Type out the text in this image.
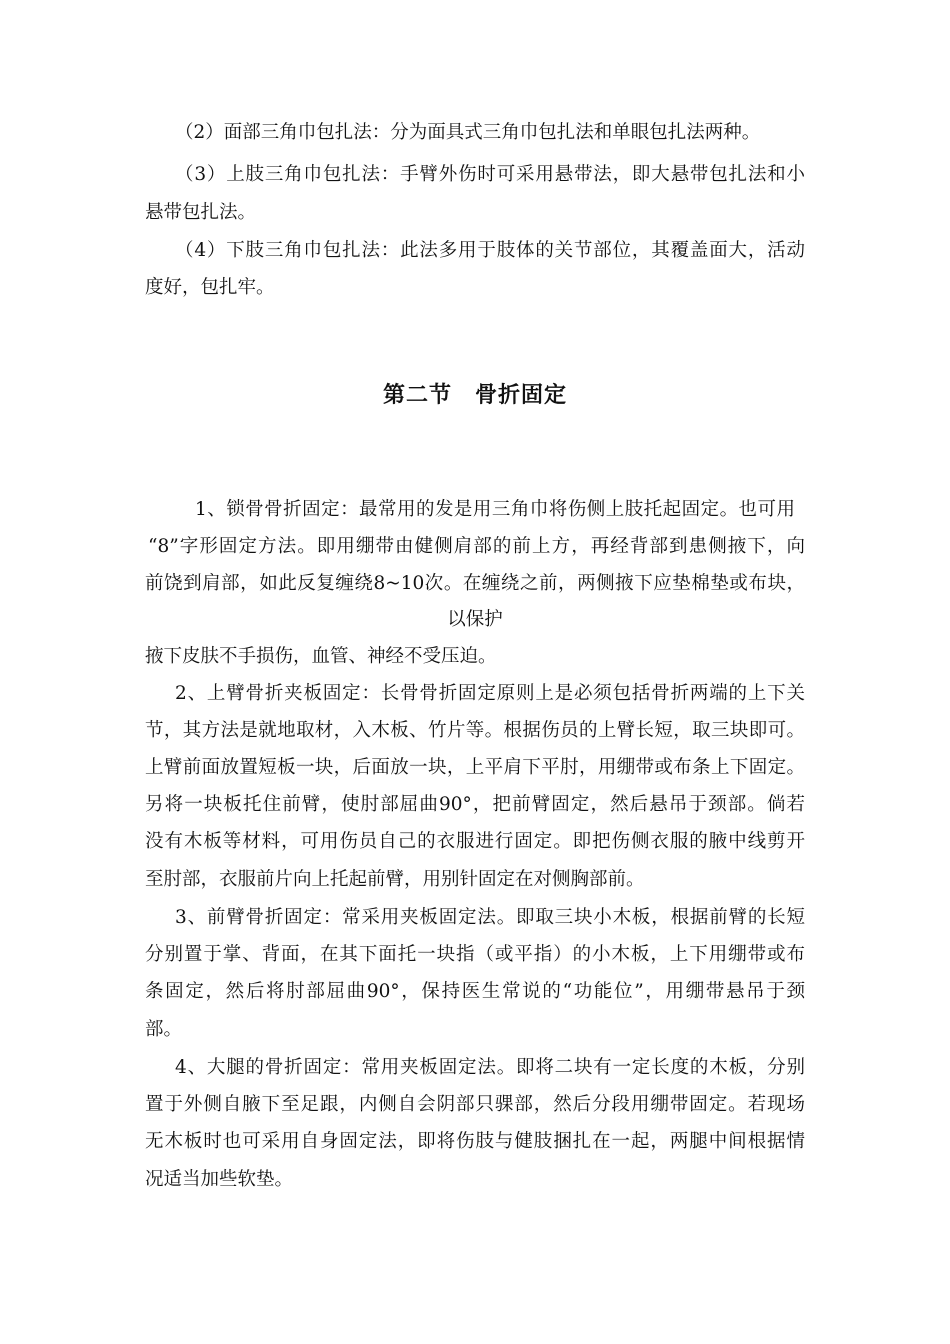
（2）面部三角巾包扎法：分为面具式三角巾包扎法和单眼包扎法两种。
（3）上肢三角巾包扎法：手臂外伤时可采用悬带法，即大悬带包扎法和小
悬带包扎法。
（4）下肢三角巾包扎法：此法多用于肢体的关节部位，其覆盖面大，活动
度好，包扎牢。
第二节　骨折固定
1、锁骨骨折固定：最常用的发是用三角巾将伤侧上肢托起固定。也可用
“8”字形固定方法。即用绷带由健侧肩部的前上方，再经背部到患侧掖下，向
前饶到肩部，如此反复缠绕8~10次。在缠绕之前，两侧掖下应垫棉垫或布块，
以保护
掖下皮肤不手损伤，血管、神经不受压迫。
2、上臂骨折夹板固定：长骨骨折固定原则上是必须包括骨折两端的上下关
节，其方法是就地取材，入木板、竹片等。根据伤员的上臂长短，取三块即可。
上臂前面放置短板一块，后面放一块，上平肩下平肘，用绷带或布条上下固定。
另将一块板托住前臂，使肘部屈曲90°，把前臂固定，然后悬吊于颈部。倘若
没有木板等材料，可用伤员自己的衣服进行固定。即把伤侧衣服的腋中线剪开
至肘部，衣服前片向上托起前臂，用别针固定在对侧胸部前。
3、前臂骨折固定：常采用夹板固定法。即取三块小木板，根据前臂的长短
分别置于掌、背面，在其下面托一块指（或平指）的小木板，上下用绷带或布
条固定，然后将肘部屈曲90°，保持医生常说的“功能位”，用绷带悬吊于颈
部。
4、大腿的骨折固定：常用夹板固定法。即将二块有一定长度的木板，分别
置于外侧自腋下至足跟，内侧自会阴部只骒部，然后分段用绷带固定。若现场
无木板时也可采用自身固定法，即将伤肢与健肢捆扎在一起，两腿中间根据情
况适当加些软垫。
